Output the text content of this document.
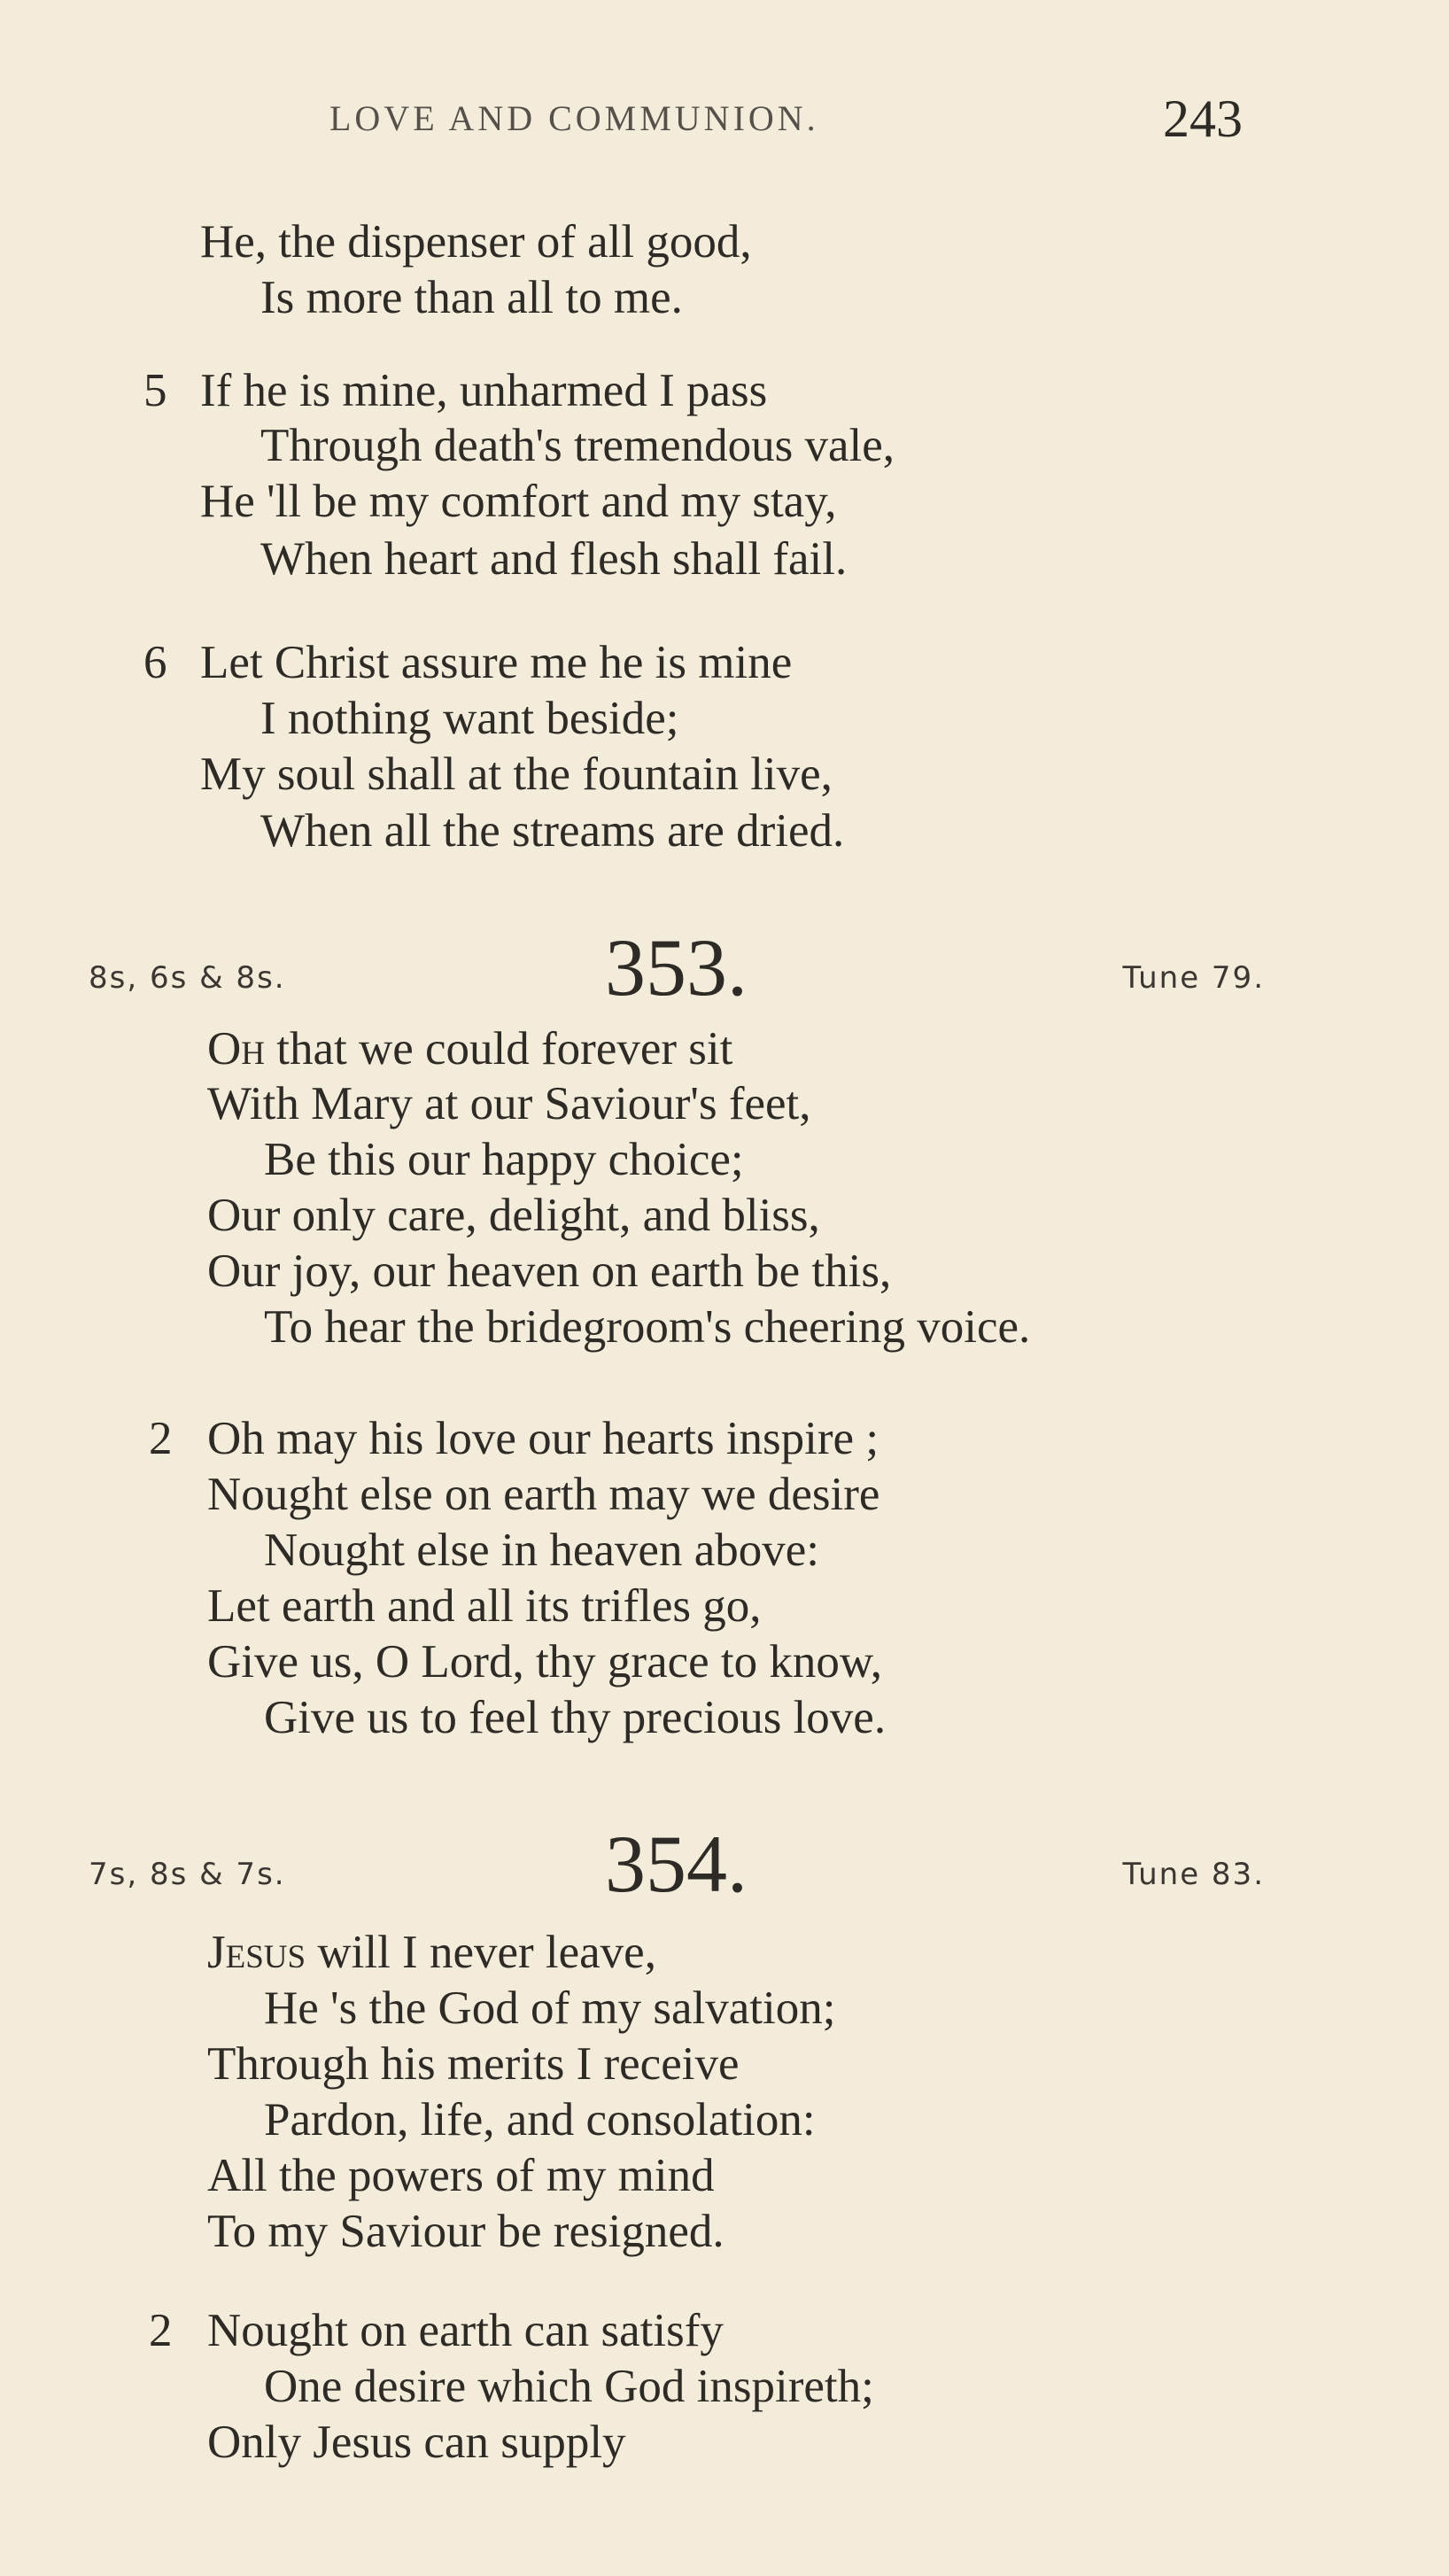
LOVE AND COMMUNION.	243
He, the dispenser of all good,
Is more than all to me.
5 If he is mine, unharmed I pass
Through death's tremendous vale,
He 'll be my comfort and my stay,
When heart and flesh shall fail.
6 Let Christ assure me he is mine
I nothing want beside;
My soul shall at the fountain live,
When all the streams are dried.
8s, 6s & 8s.	353.	Tune 79.
Oh that we could forever sit
With Mary at our Saviour's feet,
Be this our happy choice;
Our only care, delight, and bliss,
Our joy, our heaven on earth be this,
To hear the bridegroom's cheering voice.
2 Oh may his love our hearts inspire ;
Nought else on earth may we desire
Nought else in heaven above:
Let earth and all its trifles go,
Give us, O Lord, thy grace to know,
Give us to feel thy precious love.
7s, 8s & 7s.	354.	Tune 83.
Jesus will I never leave,
He 's the God of my salvation;
Through his merits I receive
Pardon, life, and consolation:
All the powers of my mind
To my Saviour be resigned.
2 Nought on earth can satisfy
One desire which God inspireth;
Only Jesus can supply
